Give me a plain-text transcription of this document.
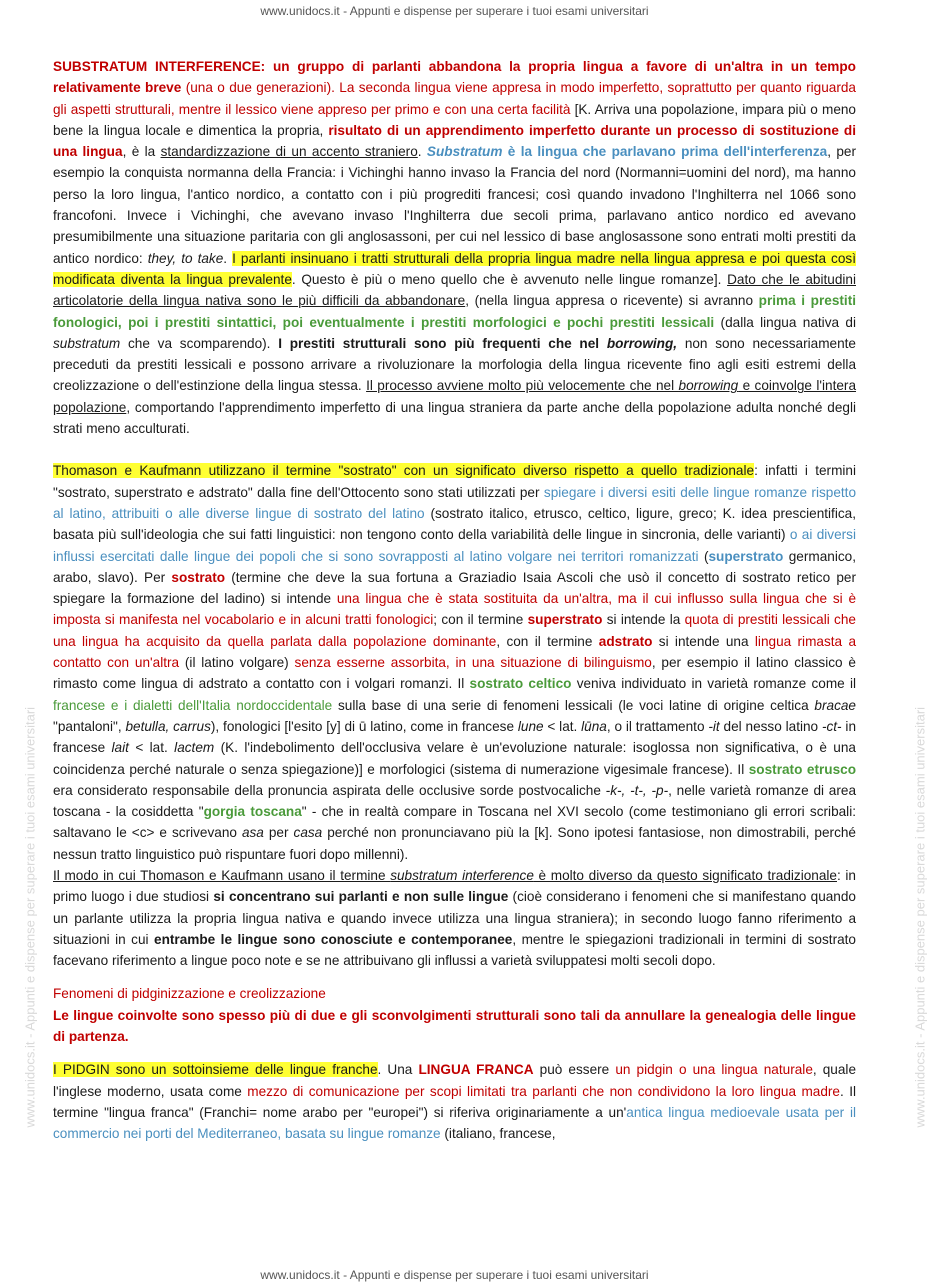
www.unidocs.it - Appunti e dispense per superare i tuoi esami universitari
www.unidocs.it - Appunti e dispense per superare i tuoi esami universitari	www.unidocs.it - Appunti e dispense per superare i tuoi esami universitari

SUBSTRATUM INTERFERENCE: un gruppo di parlanti abbandona la propria lingua a favore di un'altra in un tempo relativamente breve (una o due generazioni). La seconda lingua viene appresa in modo imperfetto, soprattutto per quanto riguarda gli aspetti strutturali, mentre il lessico viene appreso per primo e con una certa facilità [K. Arriva una popolazione, impara più o meno bene la lingua locale e dimentica la propria, risultato di un apprendimento imperfetto durante un processo di sostituzione di una lingua, è la standardizzazione di un accento straniero. Substratum è la lingua che parlavano prima dell'interferenza, per esempio la conquista normanna della Francia: i Vichinghi hanno invaso la Francia del nord (Normanni=uomini del nord), ma hanno perso la loro lingua, l'antico nordico, a contatto con i più progrediti francesi; così quando invadono l'Inghilterra nel 1066 sono francofoni. Invece i Vichinghi, che avevano invaso l'Inghilterra due secoli prima, parlavano antico nordico ed avevano presumibilmente una situazione paritaria con gli anglosassoni, per cui nel lessico di base anglosassone sono entrati molti prestiti da antico nordico: they, to take. I parlanti insinuano i tratti strutturali della propria lingua madre nella lingua appresa e poi questa così modificata diventa la lingua prevalente. Questo è più o meno quello che è avvenuto nelle lingue romanze]. Dato che le abitudini articolatorie della lingua nativa sono le più difficili da abbandonare, (nella lingua appresa o ricevente) si avranno prima i prestiti fonologici, poi i prestiti sintattici, poi eventualmente i prestiti morfologici e pochi prestiti lessicali (dalla lingua nativa di substratum che va scomparendo). I prestiti strutturali sono più frequenti che nel borrowing, non sono necessariamente preceduti da prestiti lessicali e possono arrivare a rivoluzionare la morfologia della lingua ricevente fino agli esiti estremi della creolizzazione o dell'estinzione della lingua stessa. Il processo avviene molto più velocemente che nel borrowing e coinvolge l'intera popolazione, comportando l'apprendimento imperfetto di una lingua straniera da parte anche della popolazione adulta nonché degli strati meno acculturati.

Thomason e Kaufmann utilizzano il termine "sostrato" con un significato diverso rispetto a quello tradizionale: infatti i termini "sostrato, superstrato e adstrato" dalla fine dell'Ottocento sono stati utilizzati per spiegare i diversi esiti delle lingue romanze rispetto al latino, attribuiti o alle diverse lingue di sostrato del latino (sostrato italico, etrusco, celtico, ligure, greco; K. idea prescientifica, basata più sull'ideologia che sui fatti linguistici: non tengono conto della variabilità delle lingue in sincronia, delle varianti) o ai diversi influssi esercitati dalle lingue dei popoli che si sono sovrapposti al latino volgare nei territori romanizzati (superstrato germanico, arabo, slavo). Per sostrato (termine che deve la sua fortuna a Graziadio Isaia Ascoli che usò il concetto di sostrato retico per spiegare la formazione del ladino) si intende una lingua che è stata sostituita da un'altra, ma il cui influsso sulla lingua che si è imposta si manifesta nel vocabolario e in alcuni tratti fonologici; con il termine superstrato si intende la quota di prestiti lessicali che una lingua ha acquisito da quella parlata dalla popolazione dominante, con il termine adstrato si intende una lingua rimasta a contatto con un'altra (il latino volgare) senza esserne assorbita, in una situazione di bilinguismo, per esempio il latino classico è rimasto come lingua di adstrato a contatto con i volgari romanzi. Il sostrato celtico veniva individuato in varietà romanze come il francese e i dialetti dell'Italia nordoccidentale sulla base di una serie di fenomeni lessicali (le voci latine di origine celtica bracae "pantaloni", betulla, carrus), fonologici [l'esito [y] di ū latino, come in francese lune < lat. lūna, o il trattamento -it del nesso latino -ct- in francese lait < lat. lactem (K. l'indebolimento dell'occlusiva velare è un'evoluzione naturale: isoglossa non significativa, o è una coincidenza perché naturale o senza spiegazione)] e morfologici (sistema di numerazione vigesimale francese). Il sostrato etrusco era considerato responsabile della pronuncia aspirata delle occlusive sorde postvocaliche -k-, -t-, -p-, nelle varietà romanze di area toscana - la cosiddetta "gorgia toscana" - che in realtà compare in Toscana nel XVI secolo (come testimoniano gli errori scribali: saltavano le <c> e scrivevano asa per casa perché non pronunciavano più la [k]. Sono ipotesi fantasiose, non dimostrabili, perché nessun tratto linguistico può rispuntare fuori dopo millenni).

Il modo in cui Thomason e Kaufmann usano il termine substratum interference è molto diverso da questo significato tradizionale: in primo luogo i due studiosi si concentrano sui parlanti e non sulle lingue (cioè considerano i fenomeni che si manifestano quando un parlante utilizza la propria lingua nativa e quando invece utilizza una lingua straniera); in secondo luogo fanno riferimento a situazioni in cui entrambe le lingue sono conosciute e contemporanee, mentre le spiegazioni tradizionali in termini di sostrato facevano riferimento a lingue poco note e se ne attribuivano gli influssi a varietà sviluppatesi molti secoli dopo.

Fenomeni di pidginizzazione e creolizzazione

Le lingue coinvolte sono spesso più di due e gli sconvolgimenti strutturali sono tali da annullare la genealogia delle lingue di partenza.

I PIDGIN sono un sottoinsieme delle lingue franche. Una LINGUA FRANCA può essere un pidgin o una lingua naturale, quale l'inglese moderno, usata come mezzo di comunicazione per scopi limitati tra parlanti che non condividono la loro lingua madre. Il termine "lingua franca" (Franchi= nome arabo per "europei") si riferiva originariamente a un'antica lingua medioevale usata per il commercio nei porti del Mediterraneo, basata su lingue romanze (italiano, francese,

www.unidocs.it - Appunti e dispense per superare i tuoi esami universitari
